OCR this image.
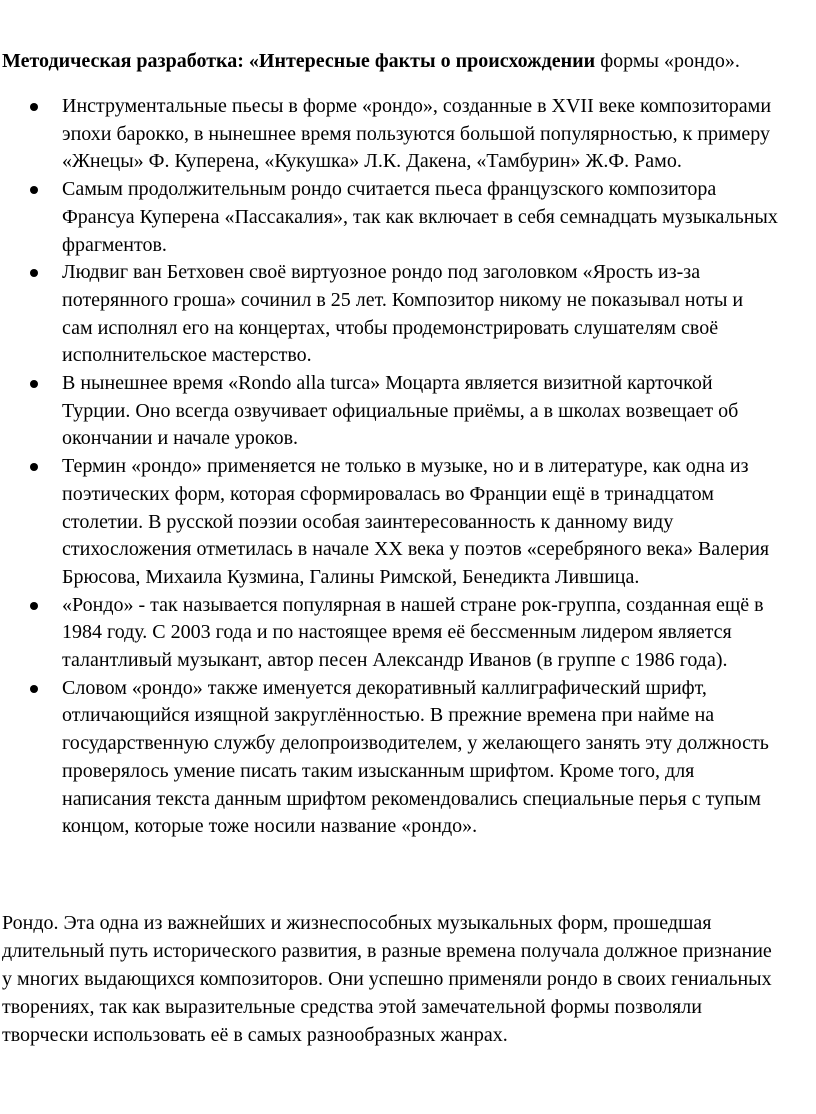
Методическая разработка: «Интересные факты о происхождении формы «рондо».
Инструментальные пьесы в форме «рондо», созданные в XVII веке композиторами
эпохи барокко, в нынешнее время пользуются большой популярностью, к примеру
«Жнецы» Ф. Куперена, «Кукушка» Л.К. Дакена, «Тамбурин» Ж.Ф. Рамо.
Самым продолжительным рондо считается пьеса французского композитора
Франсуа Куперена «Пассакалия», так как включает в себя семнадцать музыкальных
фрагментов.
Людвиг ван Бетховен своё виртуозное рондо под заголовком «Ярость из-за
потерянного гроша» сочинил в 25 лет. Композитор никому не показывал ноты и
сам исполнял его на концертах, чтобы продемонстрировать слушателям своё
исполнительское мастерство.
В нынешнее время «Rondo alla turca» Моцарта является визитной карточкой
Турции. Оно всегда озвучивает официальные приёмы, а в школах возвещает об
окончании и начале уроков.
Термин «рондо» применяется не только в музыке, но и в литературе, как одна из
поэтических форм, которая сформировалась во Франции ещё в тринадцатом
столетии. В русской поэзии особая заинтересованность к данному виду
стихосложения отметилась в начале XX века у поэтов «серебряного века» Валерия
Брюсова, Михаила Кузмина, Галины Римской, Бенедикта Лившица.
«Рондо» - так называется популярная в нашей стране рок-группа, созданная ещё в
1984 году. С 2003 года и по настоящее время её бессменным лидером является
талантливый музыкант, автор песен Александр Иванов (в группе с 1986 года).
Словом «рондо» также именуется декоративный каллиграфический шрифт,
отличающийся изящной закруглённостью. В прежние времена при найме на
государственную службу делопроизводителем, у желающего занять эту должность
проверялось умение писать таким изысканным шрифтом. Кроме того, для
написания текста данным шрифтом рекомендовались специальные перья с тупым
концом, которые тоже носили название «рондо».
Рондо. Эта одна из важнейших и жизнеспособных музыкальных форм, прошедшая
длительный путь исторического развития, в разные времена получала должное признание
у многих выдающихся композиторов. Они успешно применяли рондо в своих гениальных
творениях, так как выразительные средства этой замечательной формы позволяли
творчески использовать её в самых разнообразных жанрах.
